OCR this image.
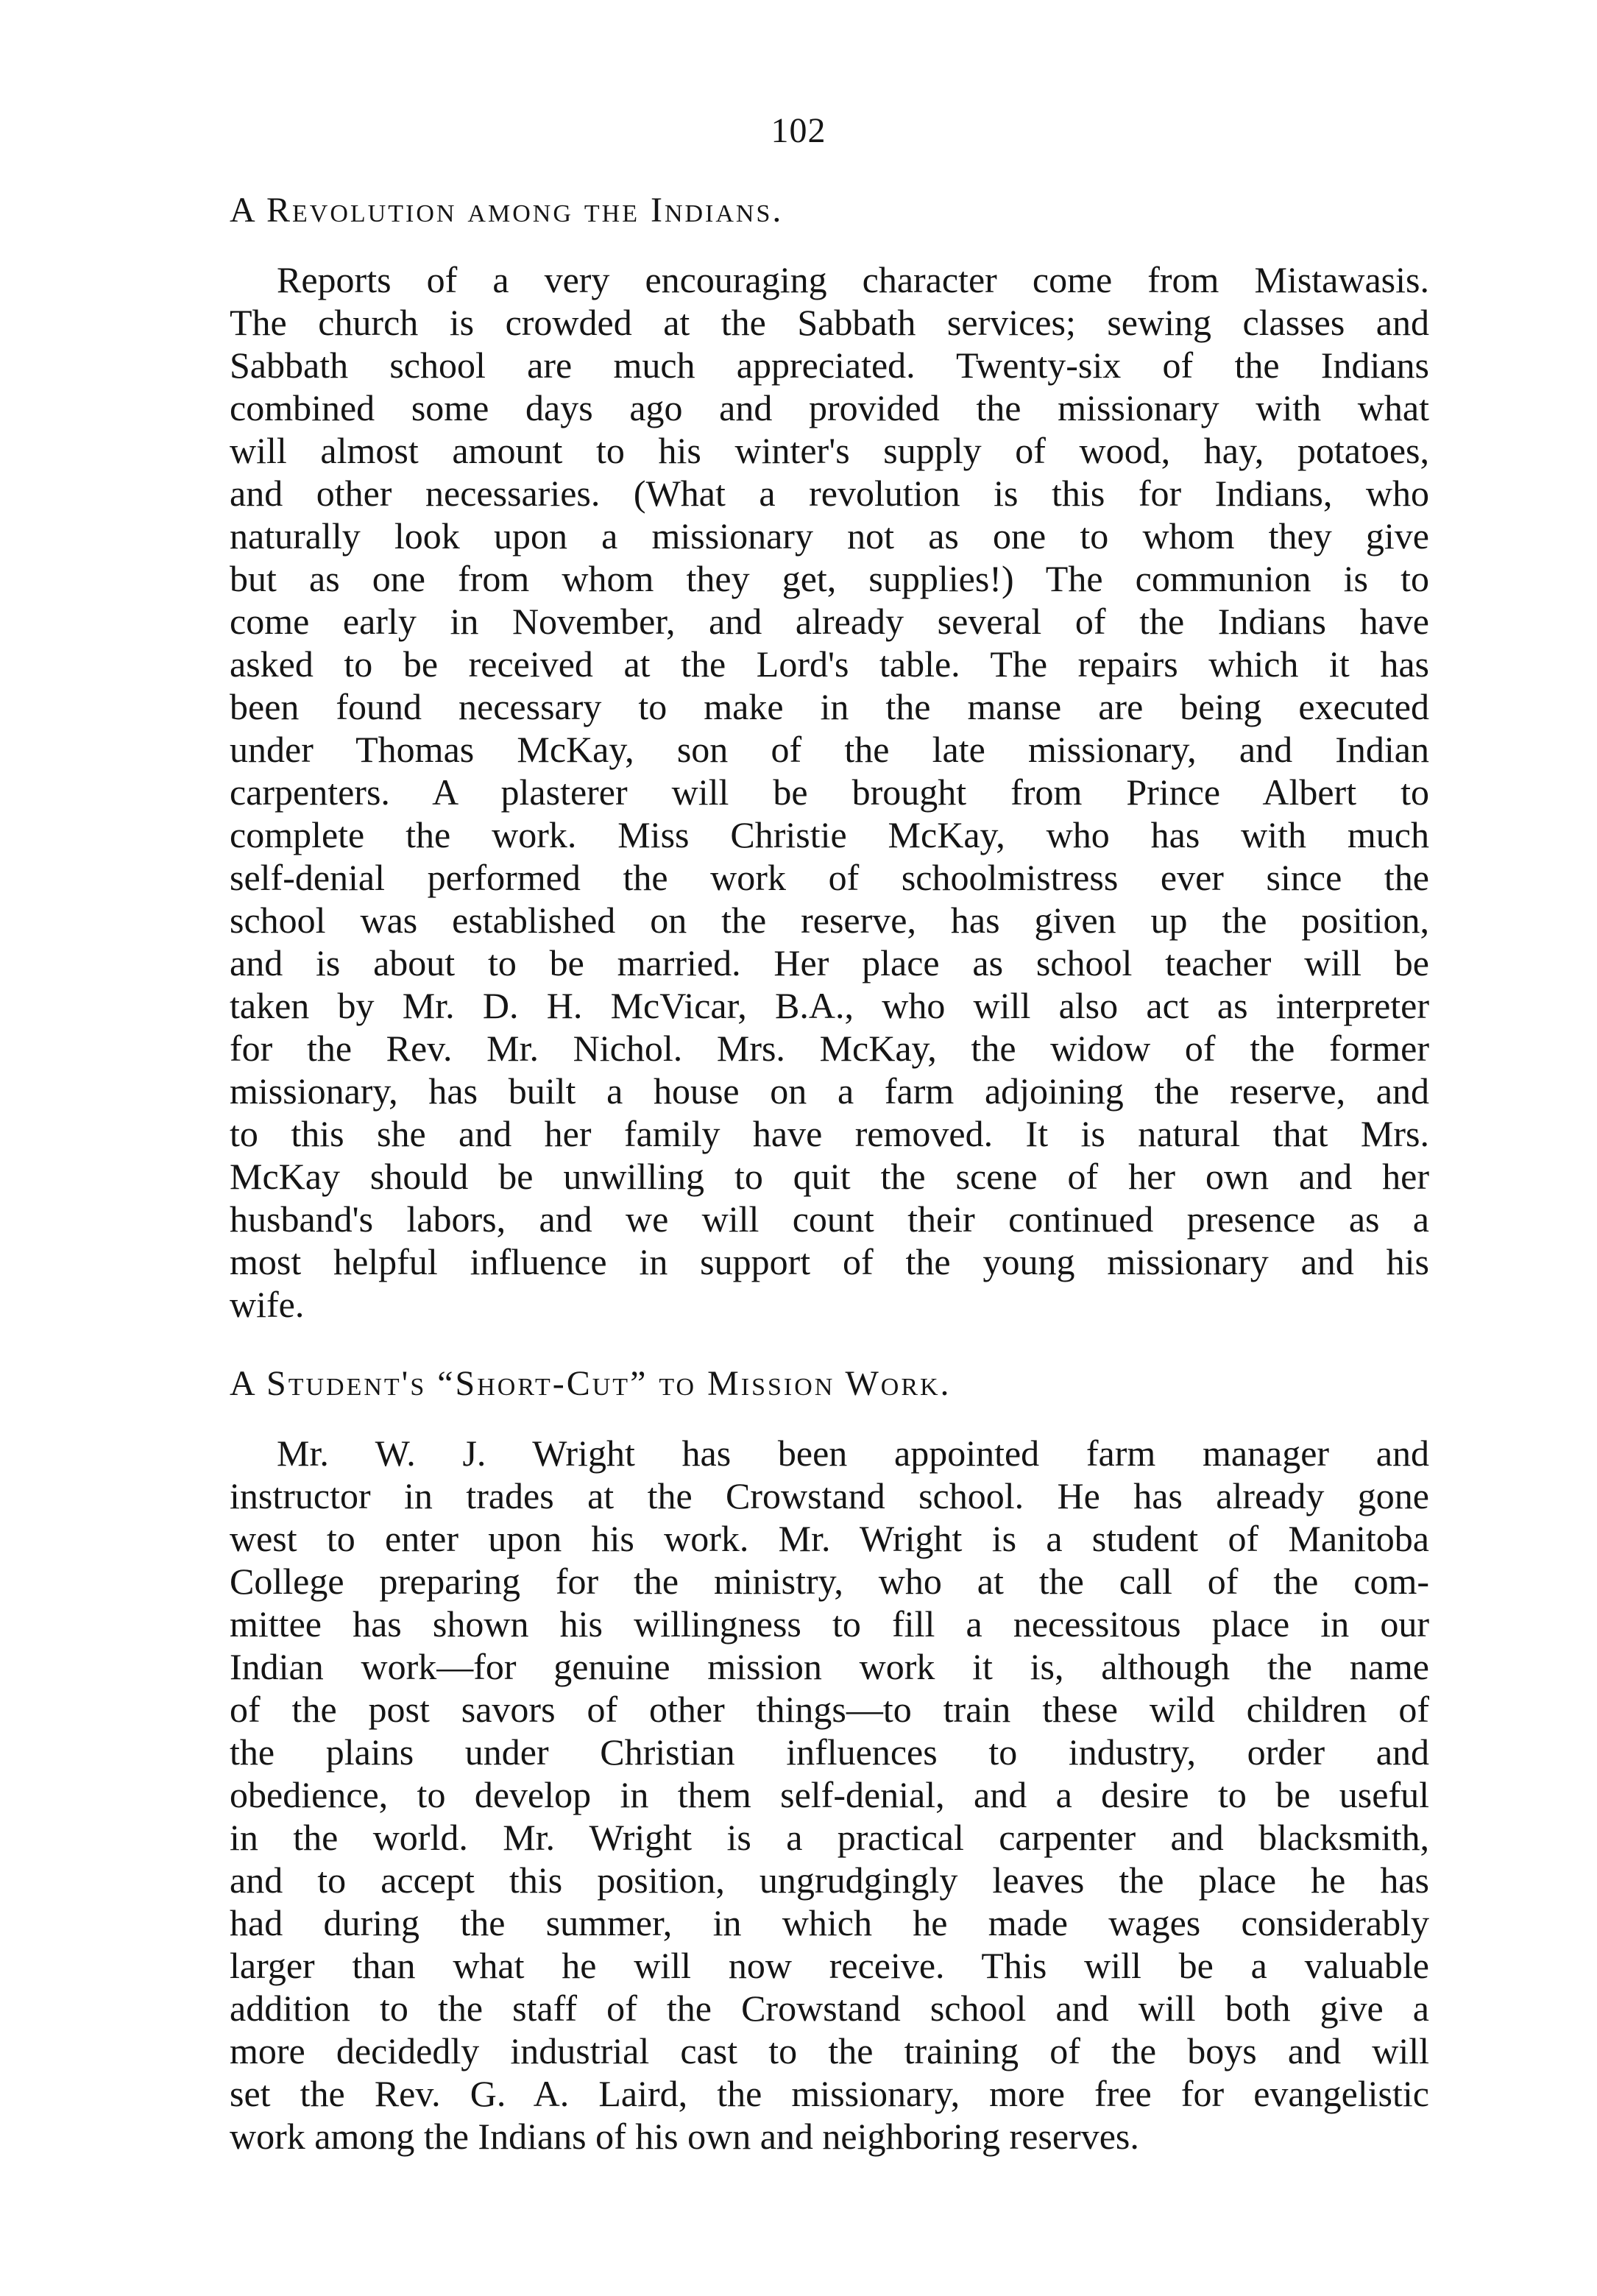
102
A Revolution among the Indians.
Reports of a very encouraging character come from Mistawasis.
The church is crowded at the Sabbath services; sewing classes and
Sabbath school are much appreciated. Twenty-six of the Indians
combined some days ago and provided the missionary with what
will almost amount to his winter's supply of wood, hay, potatoes,
and other necessaries. (What a revolution is this for Indians, who
naturally look upon a missionary not as one to whom they give
but as one from whom they get, supplies!) The communion is to
come early in November, and already several of the Indians have
asked to be received at the Lord's table. The repairs which it has
been found necessary to make in the manse are being executed
under Thomas McKay, son of the late missionary, and Indian
carpenters. A plasterer will be brought from Prince Albert to
complete the work. Miss Christie McKay, who has with much
self-denial performed the work of schoolmistress ever since the
school was established on the reserve, has given up the position,
and is about to be married. Her place as school teacher will be
taken by Mr. D. H. McVicar, B.A., who will also act as interpreter
for the Rev. Mr. Nichol. Mrs. McKay, the widow of the former
missionary, has built a house on a farm adjoining the reserve, and
to this she and her family have removed. It is natural that Mrs.
McKay should be unwilling to quit the scene of her own and her
husband's labors, and we will count their continued presence as a
most helpful influence in support of the young missionary and his
wife.
A Student's “Short-Cut” to Mission Work.
Mr. W. J. Wright has been appointed farm manager and
instructor in trades at the Crowstand school. He has already gone
west to enter upon his work. Mr. Wright is a student of Manitoba
College preparing for the ministry, who at the call of the com-
mittee has shown his willingness to fill a necessitous place in our
Indian work—for genuine mission work it is, although the name
of the post savors of other things—to train these wild children of
the plains under Christian influences to industry, order and
obedience, to develop in them self-denial, and a desire to be useful
in the world. Mr. Wright is a practical carpenter and blacksmith,
and to accept this position, ungrudgingly leaves the place he has
had during the summer, in which he made wages considerably
larger than what he will now receive. This will be a valuable
addition to the staff of the Crowstand school and will both give a
more decidedly industrial cast to the training of the boys and will
set the Rev. G. A. Laird, the missionary, more free for evangelistic
work among the Indians of his own and neighboring reserves.
